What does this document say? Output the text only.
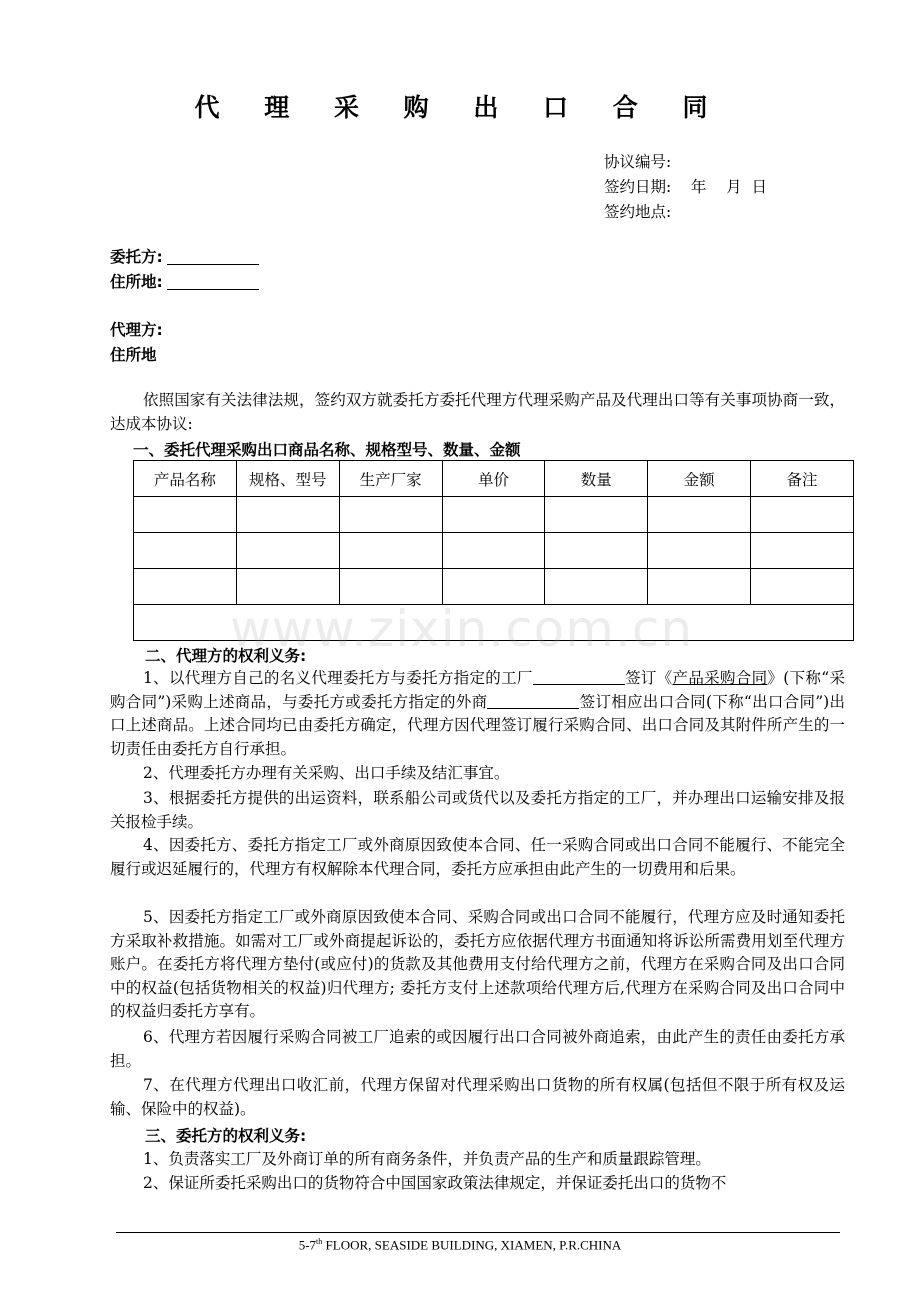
代 理 采 购 出 口 合 同
协议编号:
签约日期:    年    月  日
签约地点:
委托方:
住所地:
代理方:
住所地
依照国家有关法律法规，签约双方就委托方委托代理方代理采购产品及代理出口等有关事项协商一致，达成本协议:
一、委托代理采购出口商品名称、规格型号、数量、金额
产品名称	规格、型号	生产厂家	单价	数量	金额	备注

www.zixin.com.cn
二、代理方的权利义务:
1、以代理方自己的名义代理委托方与委托方指定的工厂	签订《产品采购合同》(下称“采购合同”)采购上述商品，与委托方或委托方指定的外商	签订相应出口合同(下称“出口合同”)出口上述商品。上述合同均已由委托方确定，代理方因代理签订履行采购合同、出口合同及其附件所产生的一切责任由委托方自行承担。
2、代理委托方办理有关采购、出口手续及结汇事宜。
3、根据委托方提供的出运资料，联系船公司或货代以及委托方指定的工厂，并办理出口运输安排及报关报检手续。
4、因委托方、委托方指定工厂或外商原因致使本合同、任一采购合同或出口合同不能履行、不能完全履行或迟延履行的，代理方有权解除本代理合同，委托方应承担由此产生的一切费用和后果。
5、因委托方指定工厂或外商原因致使本合同、采购合同或出口合同不能履行，代理方应及时通知委托方采取补救措施。如需对工厂或外商提起诉讼的，委托方应依据代理方书面通知将诉讼所需费用划至代理方账户。在委托方将代理方垫付(或应付)的货款及其他费用支付给代理方之前，代理方在采购合同及出口合同中的权益(包括货物相关的权益)归代理方; 委托方支付上述款项给代理方后,代理方在采购合同及出口合同中的权益归委托方享有。
6、代理方若因履行采购合同被工厂追索的或因履行出口合同被外商追索，由此产生的责任由委托方承担。
7、在代理方代理出口收汇前，代理方保留对代理采购出口货物的所有权属(包括但不限于所有权及运输、保险中的权益)。
三、委托方的权利义务:
1、负责落实工厂及外商订单的所有商务条件，并负责产品的生产和质量跟踪管理。
2、保证所委托采购出口的货物符合中国国家政策法律规定，并保证委托出口的货物不
5-7th FLOOR, SEASIDE BUILDING, XIAMEN, P.R.CHINA
